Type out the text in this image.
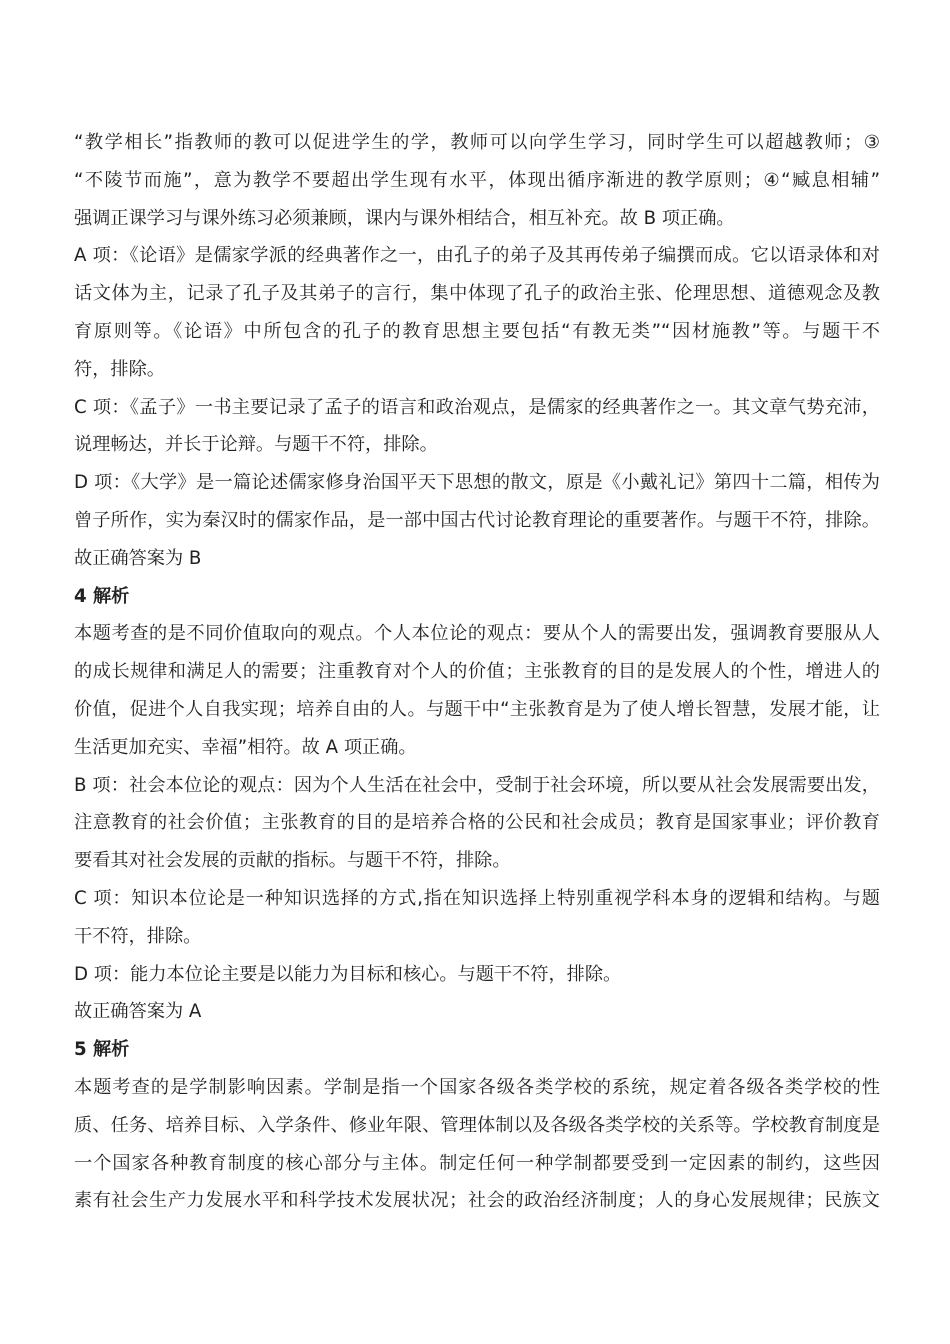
“教学相长”指教师的教可以促进学生的学，教师可以向学生学习，同时学生可以超越教师；③
“不陵节而施”，意为教学不要超出学生现有水平，体现出循序渐进的教学原则；④“臧息相辅”
强调正课学习与课外练习必须兼顾，课内与课外相结合，相互补充。故 B 项正确。
A 项：《论语》是儒家学派的经典著作之一，由孔子的弟子及其再传弟子编撰而成。它以语录体和对
话文体为主，记录了孔子及其弟子的言行，集中体现了孔子的政治主张、伦理思想、道德观念及教
育原则等。《论语》中所包含的孔子的教育思想主要包括“有教无类”“因材施教”等。与题干不
符，排除。
C 项：《孟子》一书主要记录了孟子的语言和政治观点，是儒家的经典著作之一。其文章气势充沛，
说理畅达，并长于论辩。与题干不符，排除。
D 项：《大学》是一篇论述儒家修身治国平天下思想的散文，原是《小戴礼记》第四十二篇，相传为
曾子所作，实为秦汉时的儒家作品，是一部中国古代讨论教育理论的重要著作。与题干不符，排除。
故正确答案为 B
4 解析
本题考查的是不同价值取向的观点。个人本位论的观点：要从个人的需要出发，强调教育要服从人
的成长规律和满足人的需要；注重教育对个人的价值；主张教育的目的是发展人的个性，增进人的
价值，促进个人自我实现；培养自由的人。与题干中“主张教育是为了使人增长智慧，发展才能，让
生活更加充实、幸福”相符。故 A 项正确。
B 项：社会本位论的观点：因为个人生活在社会中，受制于社会环境，所以要从社会发展需要出发，
注意教育的社会价值；主张教育的目的是培养合格的公民和社会成员；教育是国家事业；评价教育
要看其对社会发展的贡献的指标。与题干不符，排除。
C 项：知识本位论是一种知识选择的方式,指在知识选择上特别重视学科本身的逻辑和结构。与题
干不符，排除。
D 项：能力本位论主要是以能力为目标和核心。与题干不符，排除。
故正确答案为 A
5 解析
本题考查的是学制影响因素。学制是指一个国家各级各类学校的系统，规定着各级各类学校的性
质、任务、培养目标、入学条件、修业年限、管理体制以及各级各类学校的关系等。学校教育制度是
一个国家各种教育制度的核心部分与主体。制定任何一种学制都要受到一定因素的制约，这些因
素有社会生产力发展水平和科学技术发展状况；社会的政治经济制度；人的身心发展规律；民族文
